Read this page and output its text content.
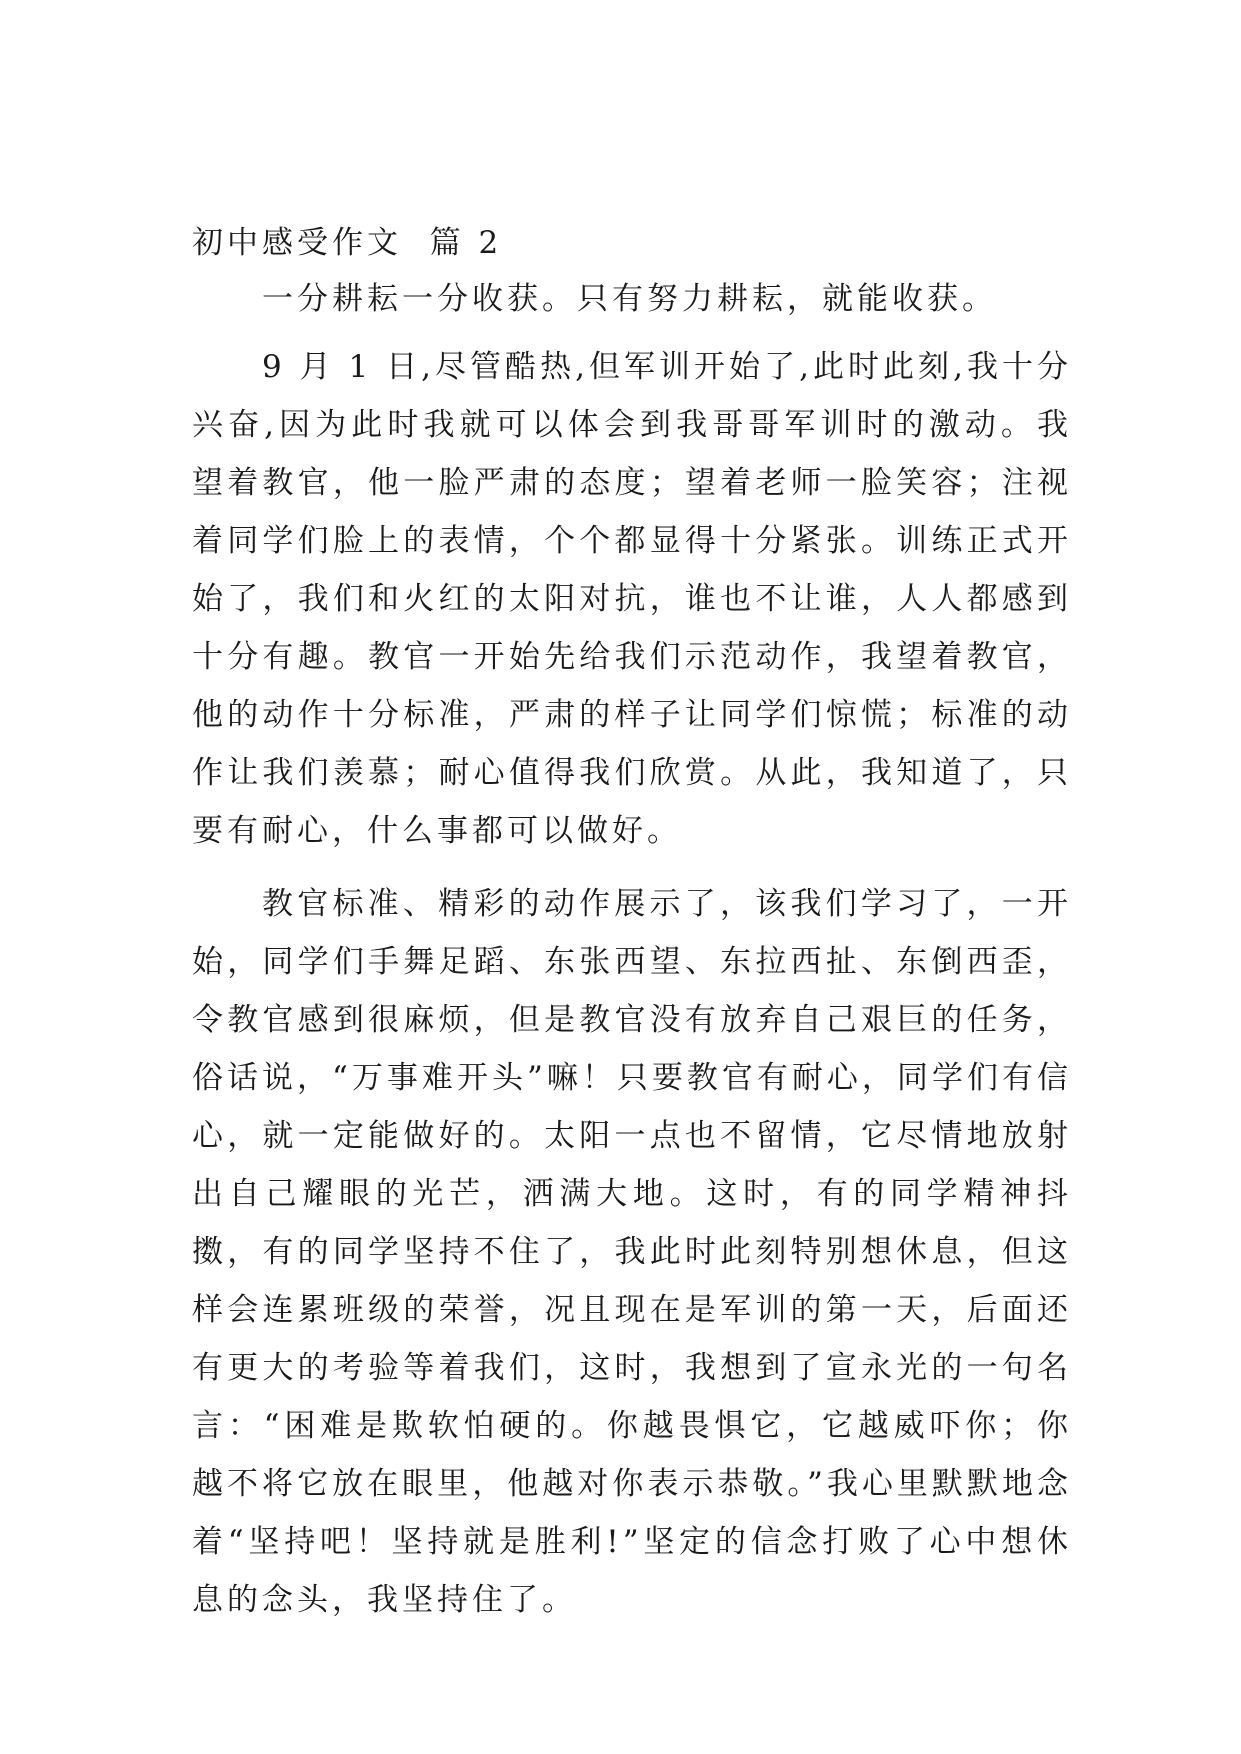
初中感受作文  篇 2

一分耕耘一分收获。只有努力耕耘，就能收获。

9 月 1 日,尽管酷热,但军训开始了,此时此刻,我十分兴奋,因为此时我就可以体会到我哥哥军训时的激动。我望着教官，他一脸严肃的态度；望着老师一脸笑容；注视着同学们脸上的表情，个个都显得十分紧张。训练正式开始了，我们和火红的太阳对抗，谁也不让谁，人人都感到十分有趣。教官一开始先给我们示范动作，我望着教官，他的动作十分标准，严肃的样子让同学们惊慌；标准的动作让我们羡慕；耐心值得我们欣赏。从此，我知道了，只要有耐心，什么事都可以做好。

教官标准、精彩的动作展示了，该我们学习了，一开始，同学们手舞足蹈、东张西望、东拉西扯、东倒西歪，令教官感到很麻烦，但是教官没有放弃自己艰巨的任务，俗话说，“万事难开头”嘛！只要教官有耐心，同学们有信心，就一定能做好的。太阳一点也不留情，它尽情地放射出自己耀眼的光芒，洒满大地。这时，有的同学精神抖擞，有的同学坚持不住了，我此时此刻特别想休息，但这样会连累班级的荣誉，况且现在是军训的第一天，后面还有更大的考验等着我们，这时，我想到了宣永光的一句名言：“困难是欺软怕硬的。你越畏惧它，它越威吓你；你越不将它放在眼里，他越对你表示恭敬。”我心里默默地念着“坚持吧！坚持就是胜利!”坚定的信念打败了心中想休息的念头，我坚持住了。
